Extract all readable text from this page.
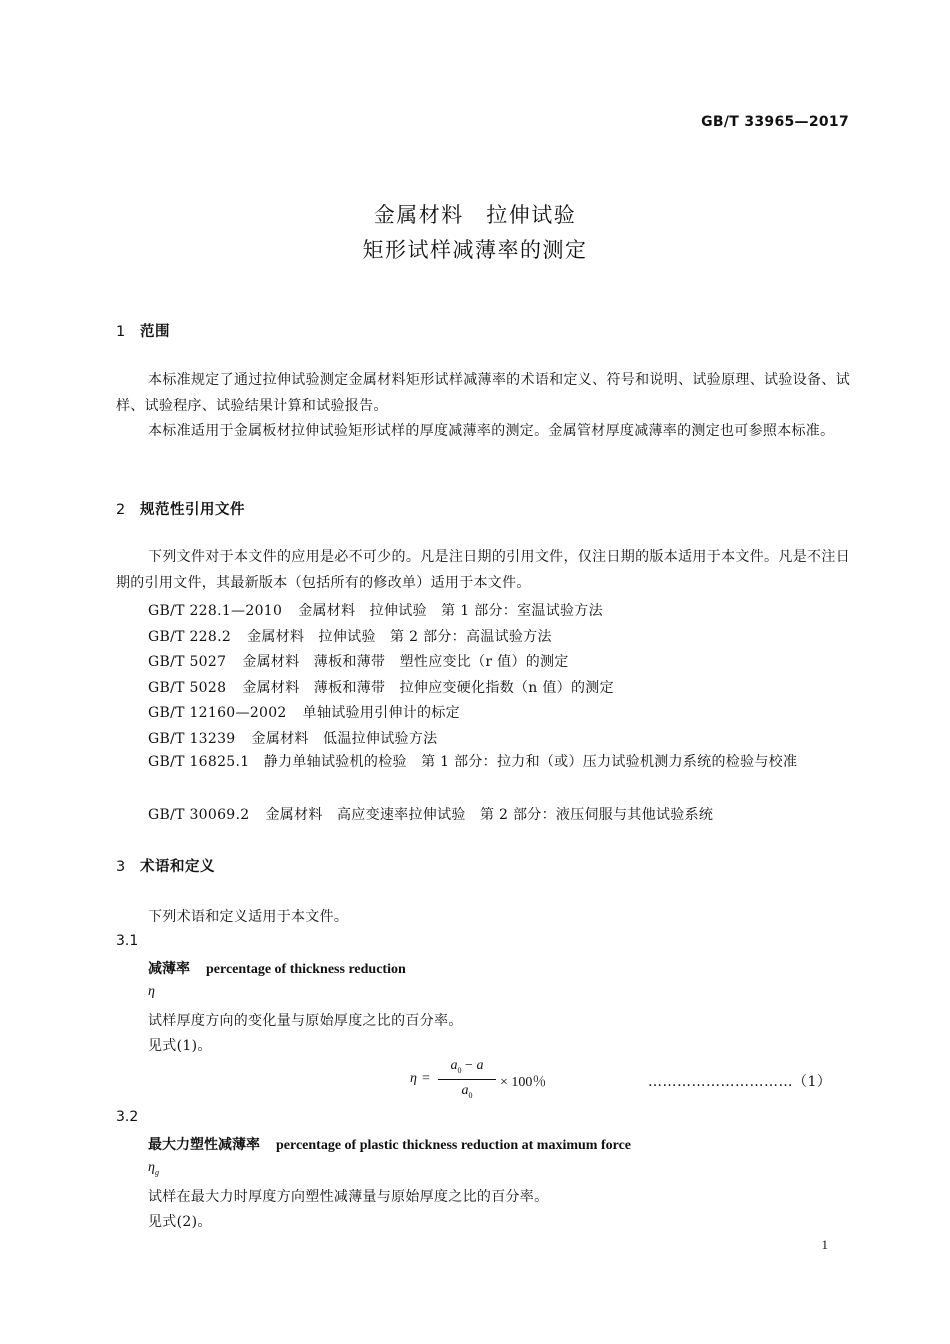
GB/T 33965—2017
金属材料　拉伸试验
矩形试样减薄率的测定
1 范围

本标准规定了通过拉伸试验测定金属材料矩形试样减薄率的术语和定义、符号和说明、试验原理、试验设备、试样、试验程序、试验结果计算和试验报告。

本标准适用于金属板材拉伸试验矩形试样的厚度减薄率的测定。金属管材厚度减薄率的测定也可参照本标准。

2 规范性引用文件

下列文件对于本文件的应用是必不可少的。凡是注日期的引用文件，仅注日期的版本适用于本文件。凡是不注日期的引用文件，其最新版本（包括所有的修改单）适用于本文件。

GB/T 228.1—2010 金属材料　拉伸试验　第 1 部分：室温试验方法
GB/T 228.2 金属材料　拉伸试验　第 2 部分：高温试验方法
GB/T 5027 金属材料　薄板和薄带　塑性应变比（r 值）的测定
GB/T 5028 金属材料　薄板和薄带　拉伸应变硬化指数（n 值）的测定
GB/T 12160—2002 单轴试验用引伸计的标定
GB/T 13239 金属材料　低温拉伸试验方法

GB/T 16825.1　静力单轴试验机的检验　第 1 部分：拉力和（或）压力试验机测力系统的检验与校准

GB/T 30069.2 金属材料　高应变速率拉伸试验　第 2 部分：液压伺服与其他试验系统
3 术语和定义
下列术语和定义适用于本文件。
3.1
减薄率 percentage of thickness reduction
η
试样厚度方向的变化量与原始厚度之比的百分率。
见式(1)。
η =
$a_0 - a$
$a_0$
× 100％	…………………………（1）
3.2
最大力塑性减薄率 percentage of plastic thickness reduction at maximum force
$\eta_g$
试样在最大力时厚度方向塑性减薄量与原始厚度之比的百分率。
见式(2)。
1
